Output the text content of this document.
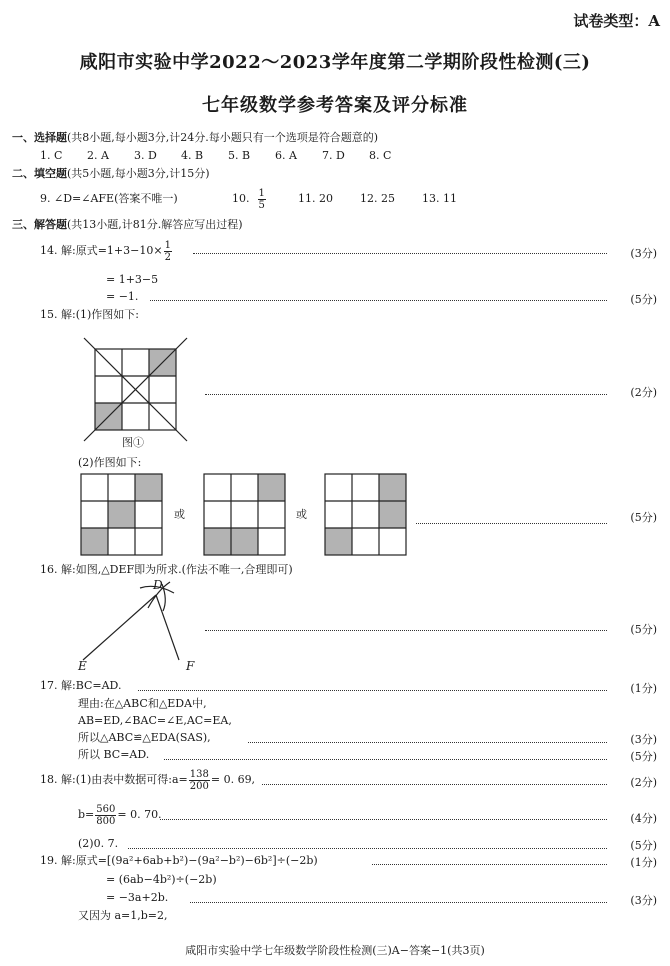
试卷类型：A
咸阳市实验中学2022～2023学年度第二学期阶段性检测(三)
七年级数学参考答案及评分标准
一、选择题(共8小题,每小题3分,计24分.每小题只有一个选项是符合题意的)
1. C 2. A 3. D 4. B 5. B 6. A 7. D 8. C
二、填空题(共5小题,每小题3分,计15分)
9. ∠D=∠AFE(答案不唯一)	10. $\frac{1}{5}$	11. 20 12. 25 13. 11
三、解答题(共13小题,计81分.解答应写出过程)
14. 解:原式$=1+3-10\times \frac{1}{2}$	(3分)
= 1+3−5
= −1.	(5分)
15. 解:(1)作图如下:
图①
(2分)
(2)作图如下:
或	或	(5分)
16. 解:如图,△DEF即为所求.(作法不唯一,合理即可)
D
E	F
(5分)
17. 解:BC=AD.	(1分)
理由:在△ABC和△EDA中,
AB=ED,∠BAC=∠E,AC=EA,
所以△ABC≌△EDA(SAS),	(3分)
所以 BC=AD.	(5分)
18. 解:(1)由表中数据可得:a= $\frac{138}{200} = 0$. 69,	(2分)
$b= \frac{560}{800} = 0$. 70.	(4分)
(2)0. 7.	(5分)
19. 解:原式=[(9a²+6ab+b²)−(9a²−b²)−6b²]÷(−2b)	(1分)
= (6ab−4b²)÷(−2b)
= −3a+2b.	(3分)
又因为 a=1,b=2,
咸阳市实验中学七年级数学阶段性检测(三)A−答案−1(共3页)
